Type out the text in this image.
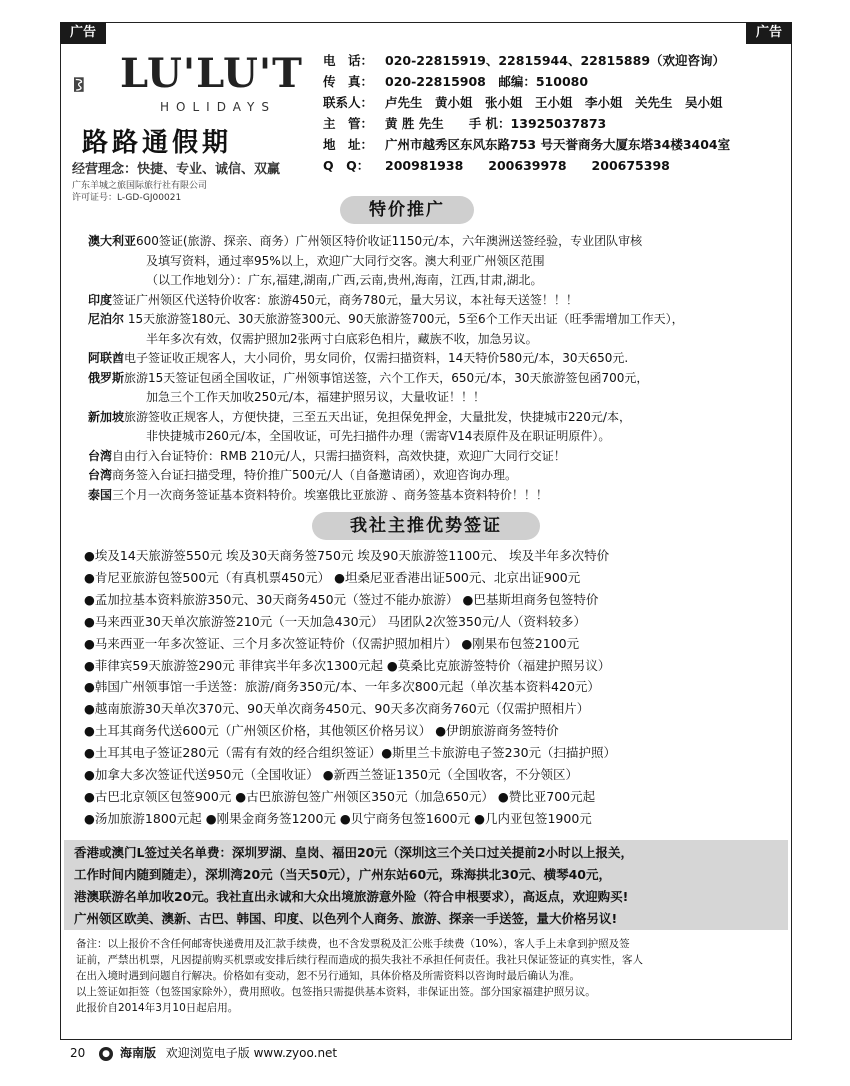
广告	广告
LU'LU'T
HOLIDAYS
路路通假期
经营理念：快捷、专业、诚信、双赢
广东羊城之旅国际旅行社有限公司
许可证号：L-GD-GJ00021
电　话： 020-22815919、22815944、22815889（欢迎咨询）
传　真： 020-22815908　邮编：510080
联系人： 卢先生　黄小姐　张小姐　王小姐　李小姐　关先生　吴小姐
主　管： 黄 胜 先生　　手 机：13925037873
地　址： 广州市越秀区东风东路753 号天誉商务大厦东塔34楼3404室
Q　Q： 200981938　　200639978　　200675398
特价推广

澳大利亚600签证(旅游、探亲、商务）广州领区特价收证1150元/本，六年澳洲送签经验，专业团队审核

及填写资料，通过率95%以上，欢迎广大同行交客。澳大利亚广州领区范围

（以工作地划分）：广东,福建,湖南,广西,云南,贵州,海南，江西,甘肃,湖北。

印度签证广州领区代送特价收客：旅游450元，商务780元，量大另议，本社每天送签！！！

尼泊尔 15天旅游签180元、30天旅游签300元、90天旅游签700元，5至6个工作天出证（旺季需增加工作天），

半年多次有效，仅需护照加2张两寸白底彩色相片，藏族不收，加急另议。

阿联酋电子签证收正规客人，大小同价，男女同价，仅需扫描资料，14天特价580元/本，30天650元.

俄罗斯旅游15天签证包函全国收证，广州领事馆送签，六个工作天，650元/本，30天旅游签包函700元，

加急三个工作天加收250元/本，福建护照另议，大量收证！！！

新加坡旅游签收正规客人，方便快捷，三至五天出证，免担保免押金，大量批发，快捷城市220元/本，

非快捷城市260元/本，全国收证，可先扫描件办理（需寄V14表原件及在职证明原件）。

台湾自由行入台证特价：RMB 210元/人，只需扫描资料，高效快捷，欢迎广大同行交证！

台湾商务签入台证扫描受理，特价推广500元/人（自备邀请函），欢迎咨询办理。

泰国三个月一次商务签证基本资料特价。埃塞俄比亚旅游 、商务签基本资料特价！！！

我社主推优势签证

●埃及14天旅游签550元 埃及30天商务签750元 埃及90天旅游签1100元、 埃及半年多次特价

●肯尼亚旅游包签500元（有真机票450元） ●坦桑尼亚香港出证500元、北京出证900元

●孟加拉基本资料旅游350元、30天商务450元（签过不能办旅游） ●巴基斯坦商务包签特价

●马来西亚30天单次旅游签210元（一天加急430元） 马团队2次签350元/人（资料较多）

●马来西亚一年多次签证、三个月多次签证特价（仅需护照加相片） ●刚果布包签2100元

●菲律宾59天旅游签290元 菲律宾半年多次1300元起 ●莫桑比克旅游签特价（福建护照另议）

●韩国广州领事馆一手送签：旅游/商务350元/本、一年多次800元起（单次基本资料420元）

●越南旅游30天单次370元、90天单次商务450元、90天多次商务760元（仅需护照相片）

●土耳其商务代送600元（广州领区价格，其他领区价格另议） ●伊朗旅游商务签特价

●土耳其电子签证280元（需有有效的经合组织签证）●斯里兰卡旅游电子签230元（扫描护照）

●加拿大多次签证代送950元（全国收证） ●新西兰签证1350元（全国收客，不分领区）

●古巴北京领区包签900元 ●古巴旅游包签广州领区350元（加急650元） ●赞比亚700元起

●汤加旅游1800元起 ●刚果金商务签1200元 ●贝宁商务包签1600元 ●几内亚包签1900元

香港或澳门L签过关名单费：深圳罗湖、皇岗、福田20元（深圳这三个关口过关提前2小时以上报关，

工作时间内随到随走），深圳湾20元（当天50元），广州东站60元，珠海拱北30元、横琴40元，

港澳联游名单加收20元。我社直出永诚和大众出境旅游意外险（符合申根要求），高返点，欢迎购买!

广州领区欧美、澳新、古巴、韩国、印度、以色列个人商务、旅游、探亲一手送签，量大价格另议!

备注：以上报价不含任何邮寄快递费用及汇款手续费，也不含发票税及汇公账手续费（10%），客人手上未拿到护照及签

证前，严禁出机票，凡因提前购买机票或安排后续行程而造成的损失我社不承担任何责任。我社只保证签证的真实性，客人

在出入境时遇到问题自行解决。价格如有变动，恕不另行通知，具体价格及所需资料以咨询时最后确认为准。

以上签证如拒签（包签国家除外），费用照收。包签指只需提供基本资料，非保证出签。部分国家福建护照另议。

此报价自2014年3月10日起启用。

20 ● 海南版 欢迎浏览电子版 www.zyoo.net
